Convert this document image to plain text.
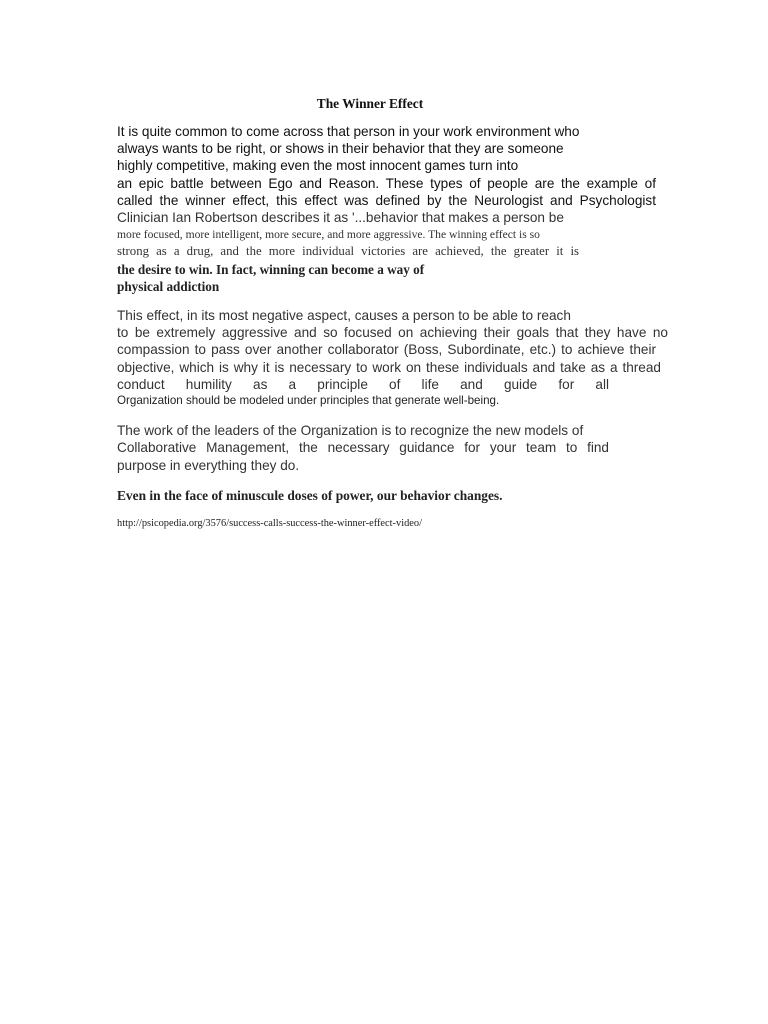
The Winner Effect

It is quite common to come across that person in your work environment who

always wants to be right, or shows in their behavior that they are someone

highly competitive, making even the most innocent games turn into

an epic battle between Ego and Reason. These types of people are the example of

called the winner effect, this effect was defined by the Neurologist and Psychologist

Clinician Ian Robertson describes it as '...behavior that makes a person be

more focused, more intelligent, more secure, and more aggressive. The winning effect is so

strong as a drug, and the more individual victories are achieved, the greater it is

the desire to win. In fact, winning can become a way of

physical addiction

This effect, in its most negative aspect, causes a person to be able to reach

to be extremely aggressive and so focused on achieving their goals that they have no

compassion to pass over another collaborator (Boss, Subordinate, etc.) to achieve their

objective, which is why it is necessary to work on these individuals and take as a thread

conduct humility as a principle of life and guide for all

Organization should be modeled under principles that generate well-being.

The work of the leaders of the Organization is to recognize the new models of

Collaborative Management, the necessary guidance for your team to find

purpose in everything they do.

Even in the face of minuscule doses of power, our behavior changes.

http://psicopedia.org/3576/success-calls-success-the-winner-effect-video/
